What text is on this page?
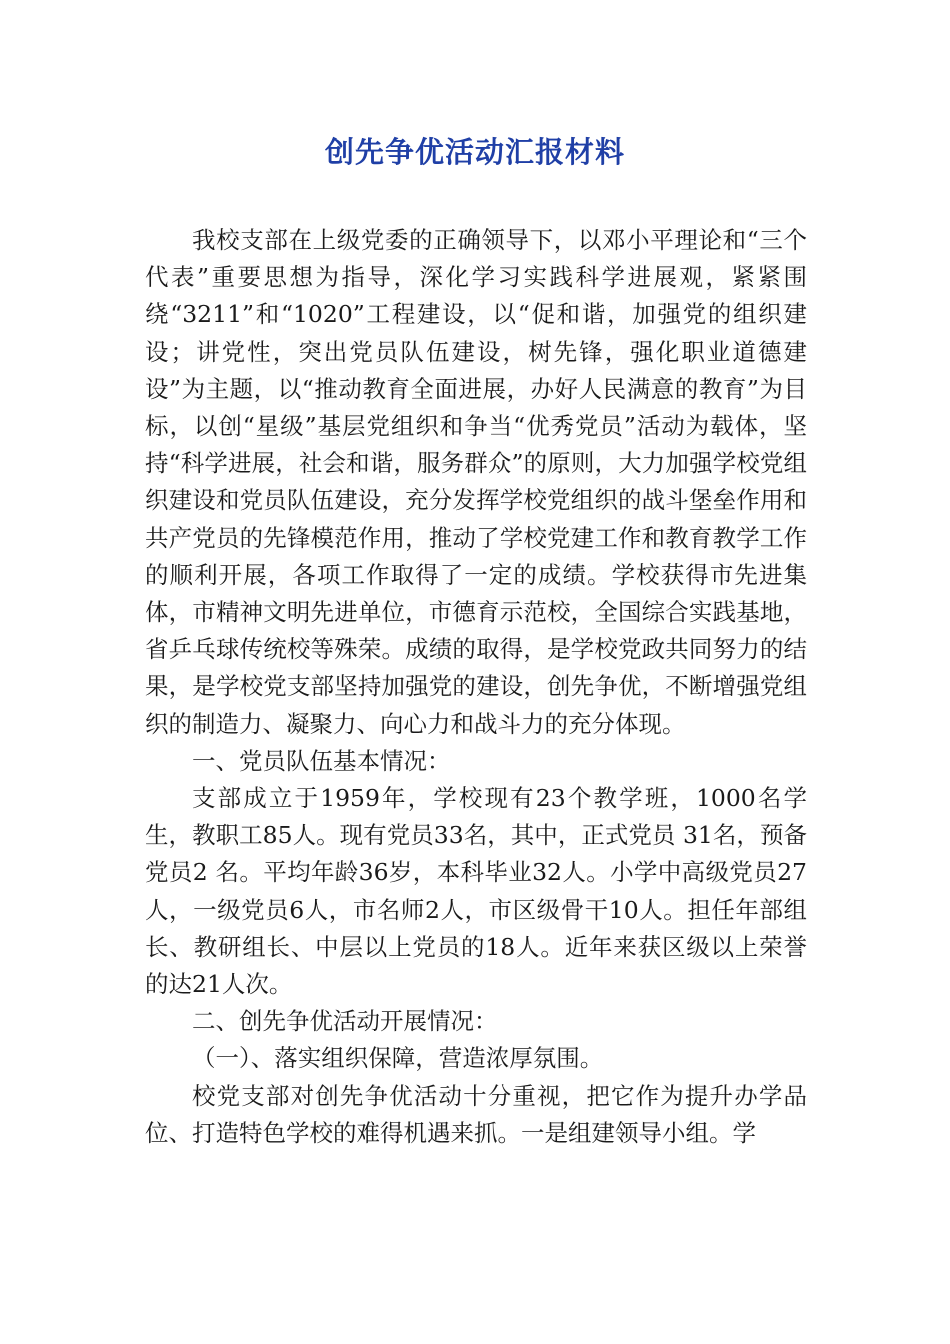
创先争优活动汇报材料

我校支部在上级党委的正确领导下，以邓小平理论和“三个代表”重要思想为指导，深化学习实践科学进展观，紧紧围绕“3211”和“1020”工程建设，以“促和谐，加强党的组织建设；讲党性，突出党员队伍建设，树先锋，强化职业道德建设”为主题，以“推动教育全面进展，办好人民满意的教育”为目标，以创“星级”基层党组织和争当“优秀党员”活动为载体，坚持“科学进展，社会和谐，服务群众”的原则，大力加强学校党组织建设和党员队伍建设，充分发挥学校党组织的战斗堡垒作用和共产党员的先锋模范作用，推动了学校党建工作和教育教学工作的顺利开展，各项工作取得了一定的成绩。学校获得市先进集体，市精神文明先进单位，市德育示范校，全国综合实践基地，省乒乓球传统校等殊荣。成绩的取得，是学校党政共同努力的结果，是学校党支部坚持加强党的建设，创先争优，不断增强党组织的制造力、凝聚力、向心力和战斗力的充分体现。

一、党员队伍基本情况：

支部成立于1959年，学校现有23个教学班，1000名学生，教职工85人。现有党员33名，其中，正式党员 31名，预备党员2 名。平均年龄36岁，本科毕业32人。小学中高级党员27人，一级党员6人，市名师2人，市区级骨干10人。担任年部组长、教研组长、中层以上党员的18人。近年来获区级以上荣誉的达21人次。

二、创先争优活动开展情况：

（一）、落实组织保障，营造浓厚氛围。

校党支部对创先争优活动十分重视，把它作为提升办学品位、打造特色学校的难得机遇来抓。一是组建领导小组。学
